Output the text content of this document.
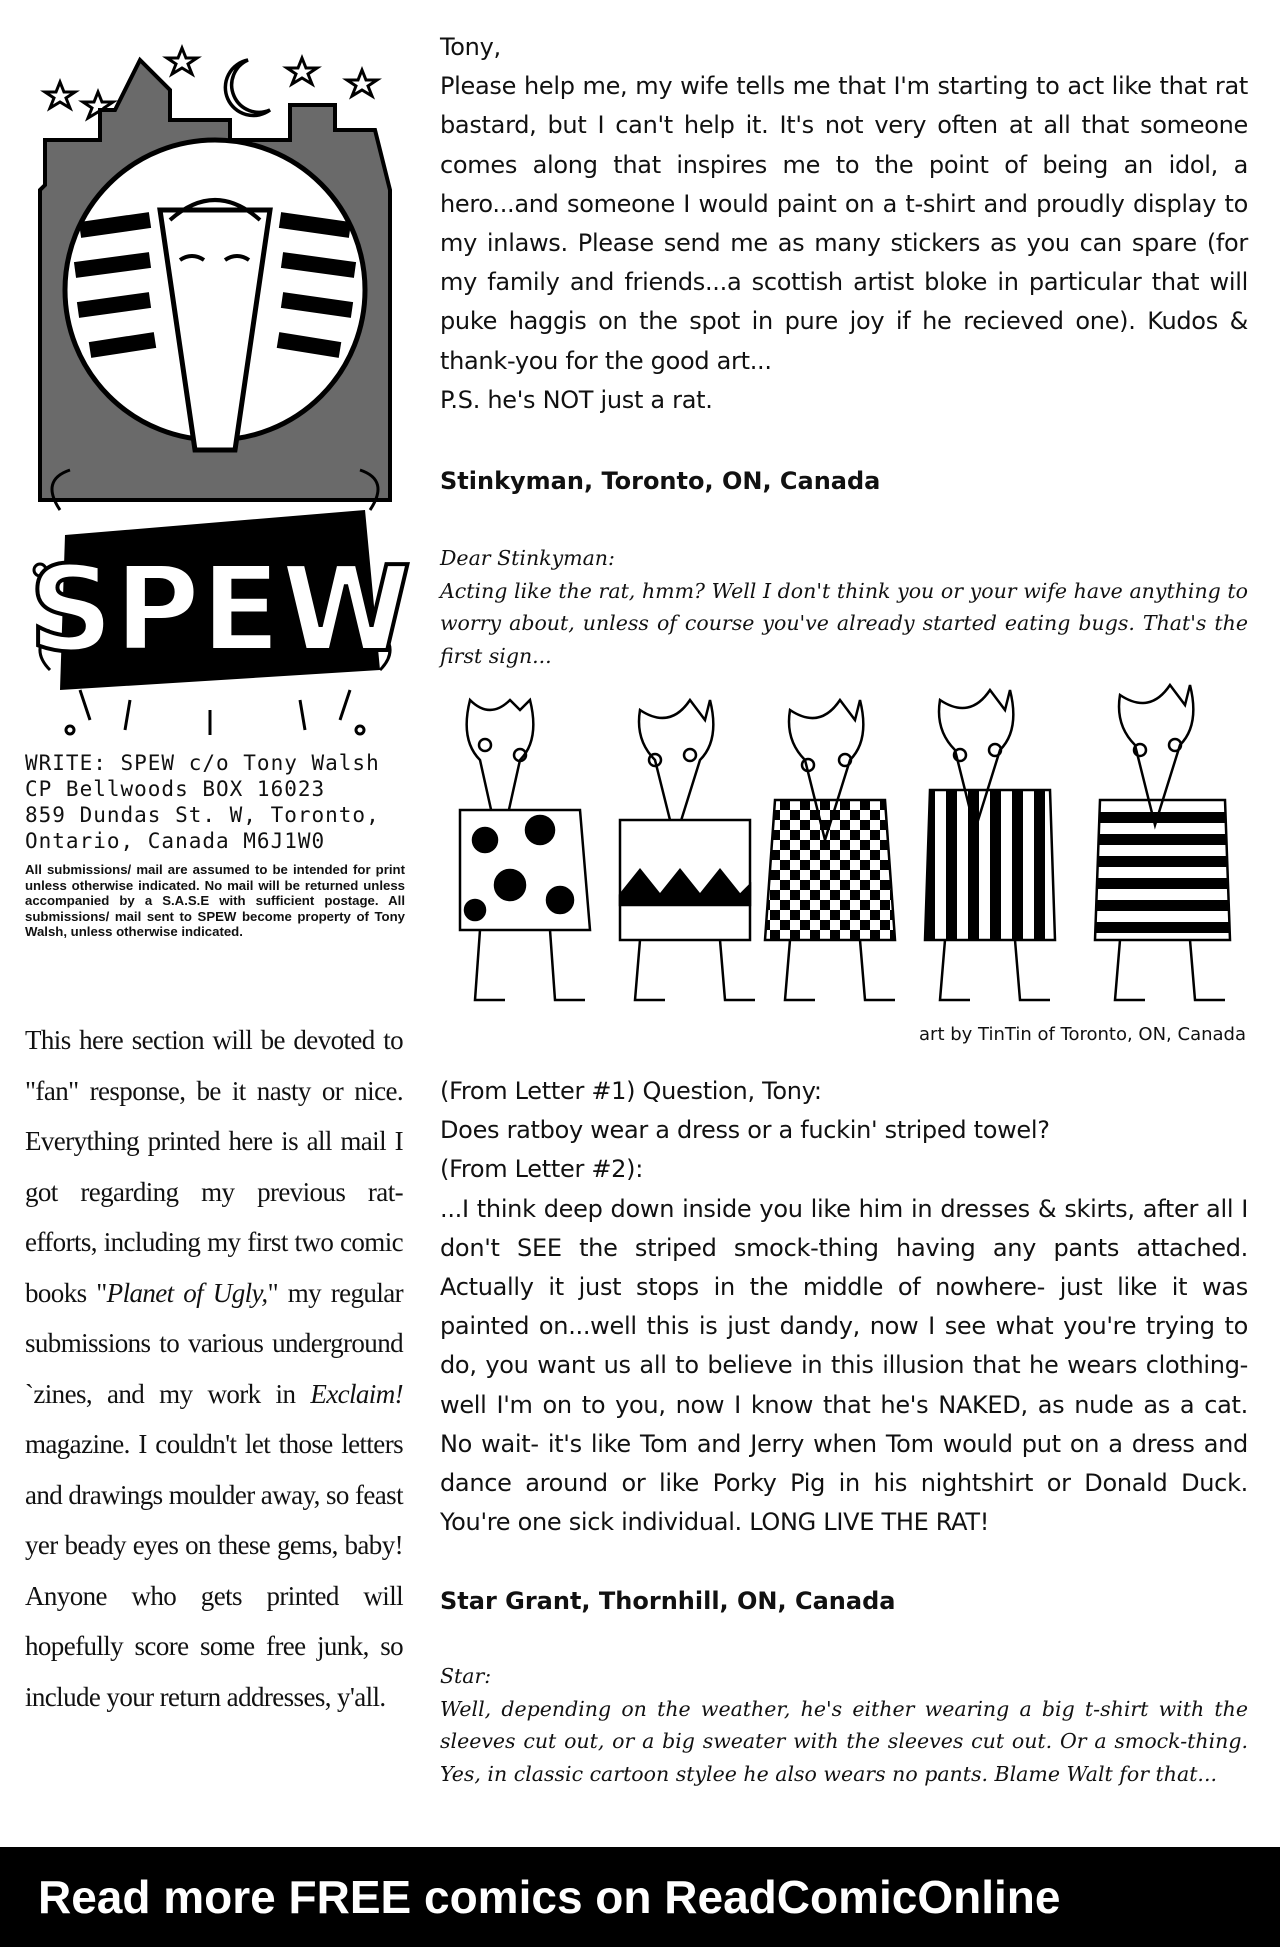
SPEW
WRITE: SPEW c/o Tony Walsh
CP Bellwoods BOX 16023
859 Dundas St. W, Toronto,
Ontario, Canada M6J1W0
All submissions/ mail are assumed to be intended for print unless otherwise indicated. No mail will be returned unless accompanied by a S.A.S.E with sufficient postage. All submissions/ mail sent to SPEW become property of Tony Walsh, unless otherwise indicated.
This here section will be devoted to "fan" response, be it nasty or nice. Everything printed here is all mail I got regarding my previous rat-efforts, including my first two comic books "Planet of Ugly," my regular submissions to various underground `zines, and my work in Exclaim! magazine. I couldn't let those letters and drawings moulder away, so feast yer beady eyes on these gems, baby! Anyone who gets printed will hopefully score some free junk, so include your return addresses, y'all.

Tony,

Please help me, my wife tells me that I'm starting to act like that rat bastard, but I can't help it. It's not very often at all that someone comes along that inspires me to the point of being an idol, a hero...and someone I would paint on a t-shirt and proudly display to my inlaws. Please send me as many stickers as you can spare (for my family and friends...a scottish artist bloke in particular that will puke haggis on the spot in pure joy if he recieved one). Kudos & thank-you for the good art...

P.S. he's NOT just a rat.

Stinkyman, Toronto, ON, Canada

Dear Stinkyman:

Acting like the rat, hmm? Well I don't think you or your wife have anything to worry about, unless of course you've already started eating bugs. That's the first sign...

art by TinTin of Toronto, ON, Canada

(From Letter #1) Question, Tony:

Does ratboy wear a dress or a fuckin' striped towel?

(From Letter #2):

...I think deep down inside you like him in dresses & skirts, after all I don't SEE the striped smock-thing having any pants attached. Actually it just stops in the middle of nowhere- just like it was painted on...well this is just dandy, now I see what you're trying to do, you want us all to believe in this illusion that he wears clothing- well I'm on to you, now I know that he's NAKED, as nude as a cat. No wait- it's like Tom and Jerry when Tom would put on a dress and dance around or like Porky Pig in his nightshirt or Donald Duck. You're one sick individual. LONG LIVE THE RAT!

Star Grant, Thornhill, ON, Canada

Star:

Well, depending on the weather, he's either wearing a big t-shirt with the sleeves cut out, or a big sweater with the sleeves cut out. Or a smock-thing. Yes, in classic cartoon stylee he also wears no pants. Blame Walt for that...

Read more FREE comics on ReadComicOnline
